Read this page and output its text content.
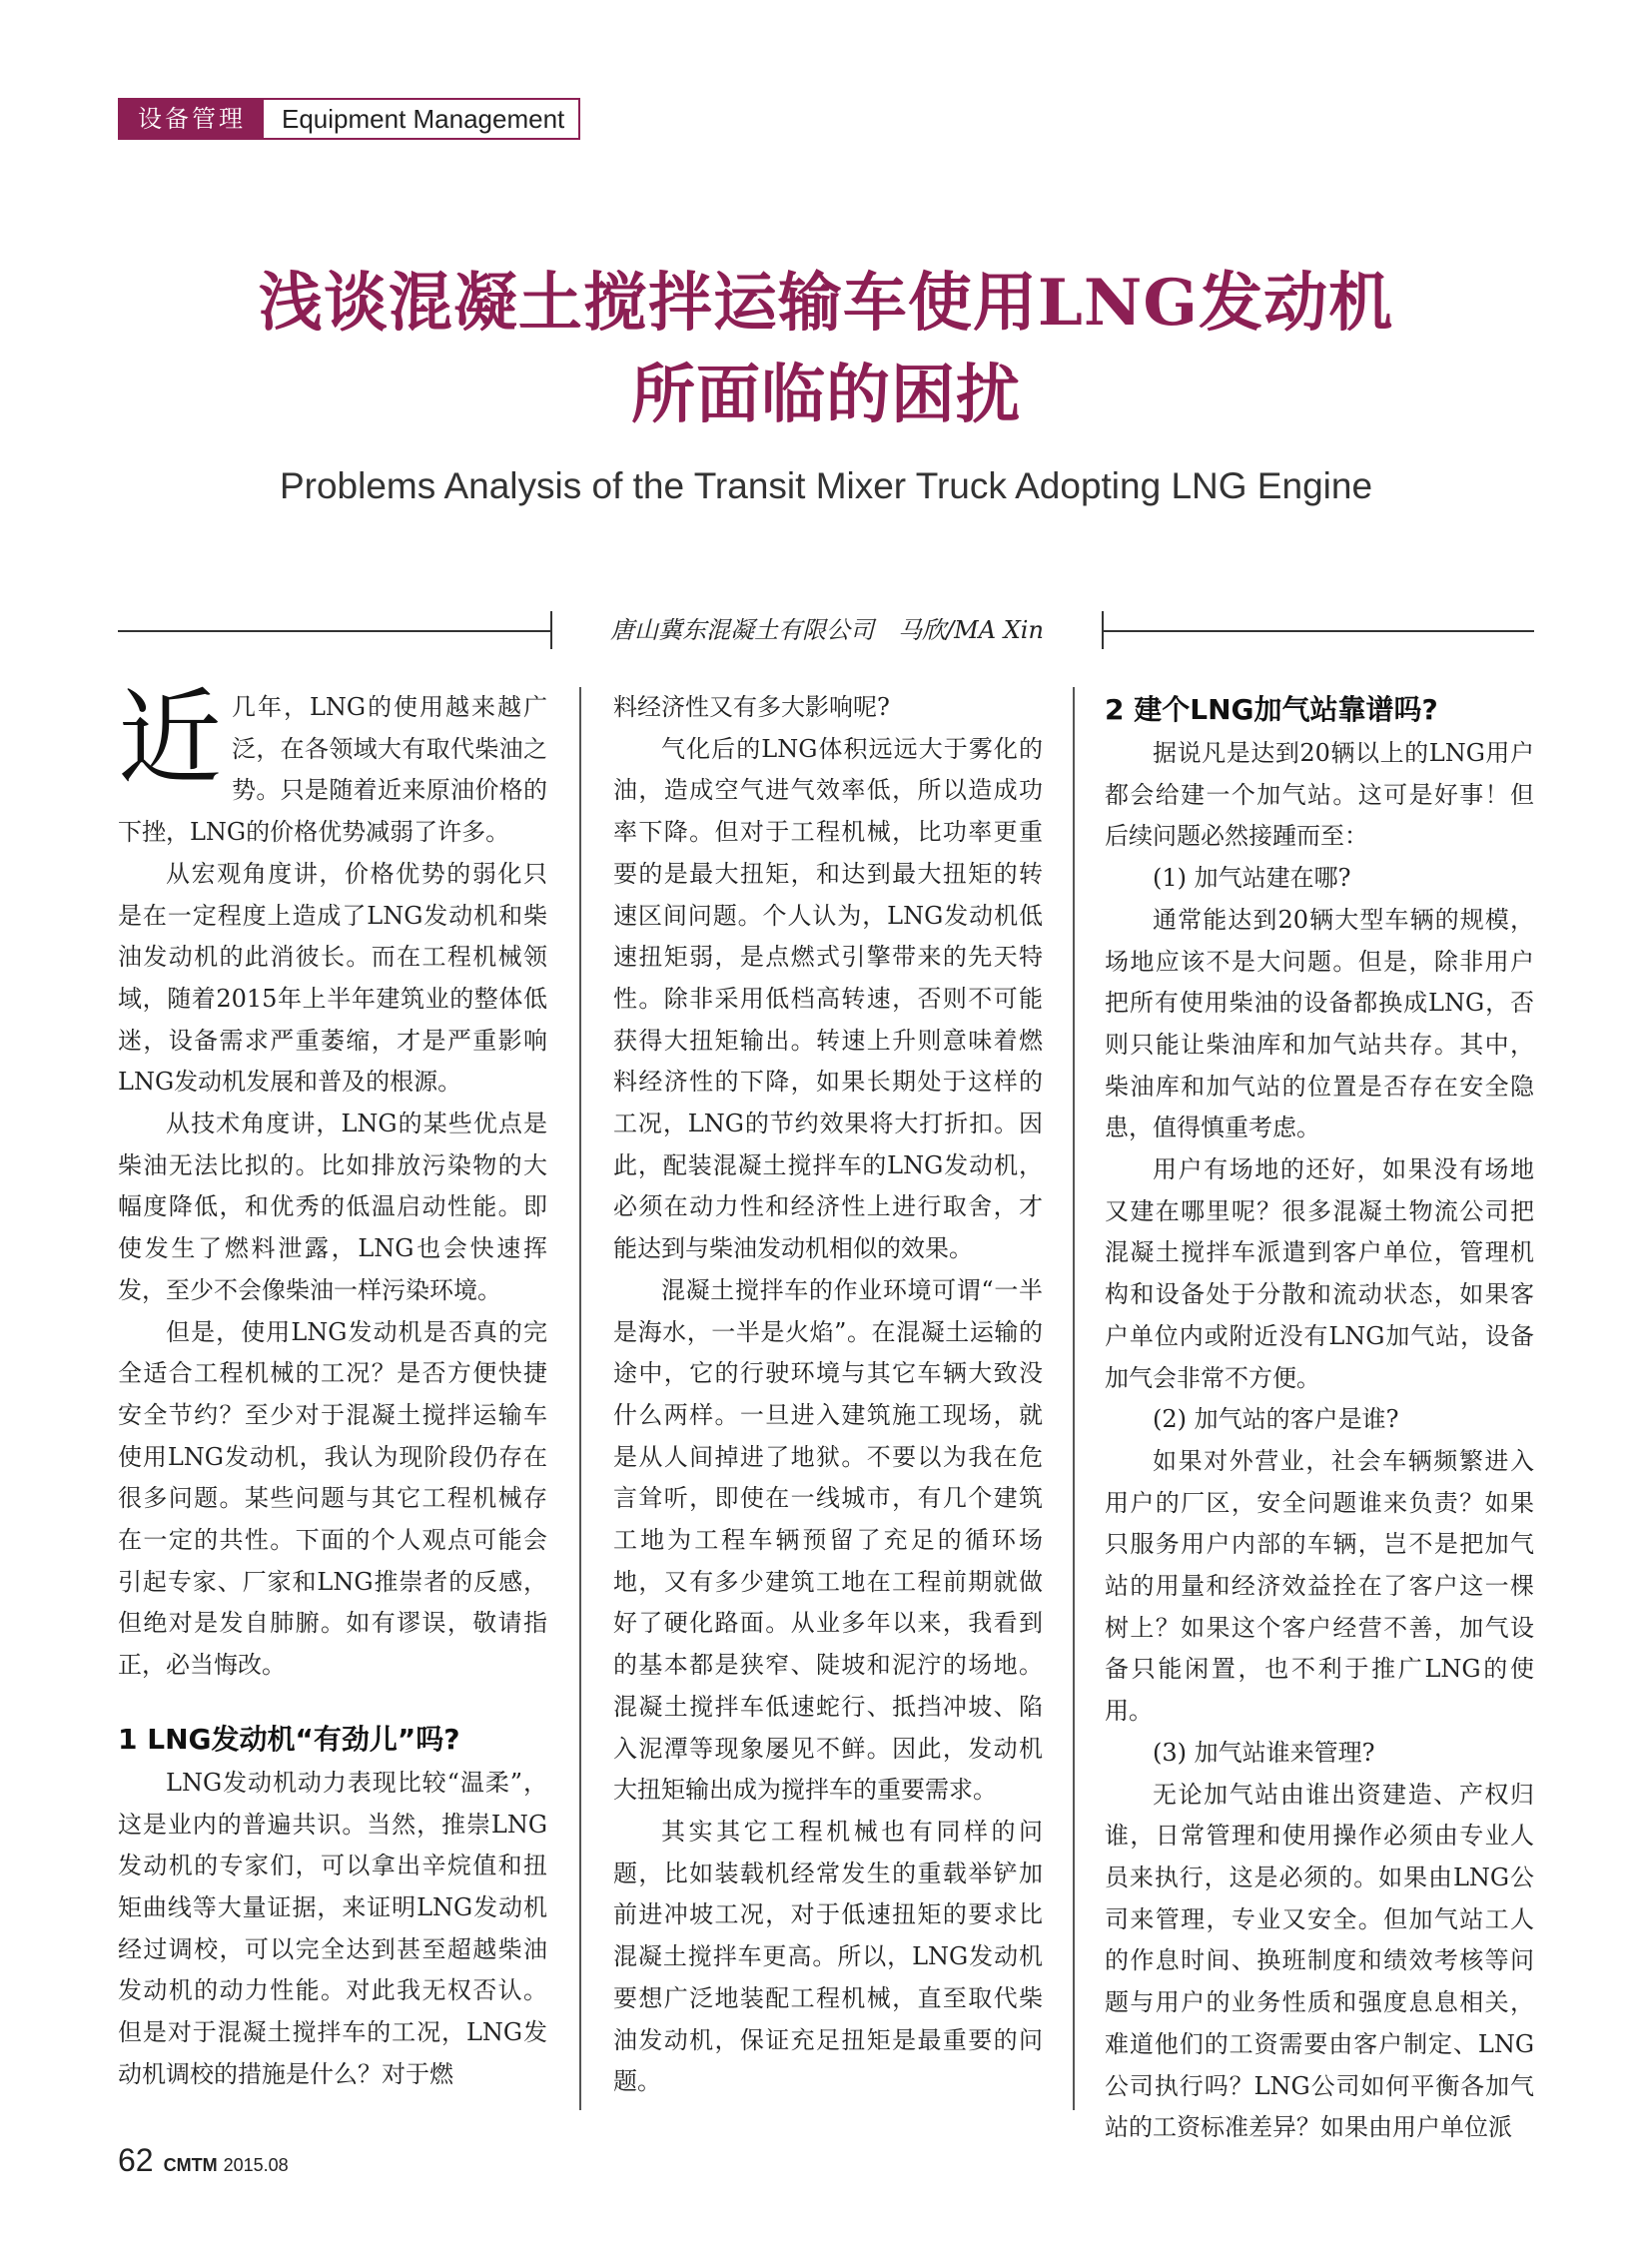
设备管理	Equipment Management
浅谈混凝土搅拌运输车使用LNG发动机
所面临的困扰
Problems Analysis of the Transit Mixer Truck Adopting LNG Engine
唐山冀东混凝土有限公司　马欣/MA Xin

近几年，LNG的使用越来越广泛，在各领域大有取代柴油之势。只是随着近来原油价格的下挫，LNG的价格优势减弱了许多。

从宏观角度讲，价格优势的弱化只是在一定程度上造成了LNG发动机和柴油发动机的此消彼长。而在工程机械领域，随着2015年上半年建筑业的整体低迷，设备需求严重萎缩，才是严重影响LNG发动机发展和普及的根源。

从技术角度讲，LNG的某些优点是柴油无法比拟的。比如排放污染物的大幅度降低，和优秀的低温启动性能。即使发生了燃料泄露，LNG也会快速挥发，至少不会像柴油一样污染环境。

但是，使用LNG发动机是否真的完全适合工程机械的工况？是否方便快捷安全节约？至少对于混凝土搅拌运输车使用LNG发动机，我认为现阶段仍存在很多问题。某些问题与其它工程机械存在一定的共性。下面的个人观点可能会引起专家、厂家和LNG推崇者的反感，但绝对是发自肺腑。如有谬误，敬请指正，必当悔改。

1 LNG发动机“有劲儿”吗?

LNG发动机动力表现比较“温柔”，这是业内的普遍共识。当然，推崇LNG发动机的专家们，可以拿出辛烷值和扭矩曲线等大量证据，来证明LNG发动机经过调校，可以完全达到甚至超越柴油发动机的动力性能。对此我无权否认。但是对于混凝土搅拌车的工况，LNG发动机调校的措施是什么？对于燃

料经济性又有多大影响呢?

气化后的LNG体积远远大于雾化的油，造成空气进气效率低，所以造成功率下降。但对于工程机械，比功率更重要的是最大扭矩，和达到最大扭矩的转速区间问题。个人认为，LNG发动机低速扭矩弱，是点燃式引擎带来的先天特性。除非采用低档高转速，否则不可能获得大扭矩输出。转速上升则意味着燃料经济性的下降，如果长期处于这样的工况，LNG的节约效果将大打折扣。因此，配装混凝土搅拌车的LNG发动机，必须在动力性和经济性上进行取舍，才能达到与柴油发动机相似的效果。

混凝土搅拌车的作业环境可谓“一半是海水，一半是火焰”。在混凝土运输的途中，它的行驶环境与其它车辆大致没什么两样。一旦进入建筑施工现场，就是从人间掉进了地狱。不要以为我在危言耸听，即使在一线城市，有几个建筑工地为工程车辆预留了充足的循环场地，又有多少建筑工地在工程前期就做好了硬化路面。从业多年以来，我看到的基本都是狭窄、陡坡和泥泞的场地。混凝土搅拌车低速蛇行、抵挡冲坡、陷入泥潭等现象屡见不鲜。因此，发动机大扭矩输出成为搅拌车的重要需求。

其实其它工程机械也有同样的问题，比如装载机经常发生的重载举铲加前进冲坡工况，对于低速扭矩的要求比混凝土搅拌车更高。所以，LNG发动机要想广泛地装配工程机械，直至取代柴油发动机，保证充足扭矩是最重要的问题。

2 建个LNG加气站靠谱吗?

据说凡是达到20辆以上的LNG用户都会给建一个加气站。这可是好事！但后续问题必然接踵而至：

(1) 加气站建在哪?

通常能达到20辆大型车辆的规模，场地应该不是大问题。但是，除非用户把所有使用柴油的设备都换成LNG，否则只能让柴油库和加气站共存。其中，柴油库和加气站的位置是否存在安全隐患，值得慎重考虑。

用户有场地的还好，如果没有场地又建在哪里呢？很多混凝土物流公司把混凝土搅拌车派遣到客户单位，管理机构和设备处于分散和流动状态，如果客户单位内或附近没有LNG加气站，设备加气会非常不方便。

(2) 加气站的客户是谁?

如果对外营业，社会车辆频繁进入用户的厂区，安全问题谁来负责？如果只服务用户内部的车辆，岂不是把加气站的用量和经济效益拴在了客户这一棵树上？如果这个客户经营不善，加气设备只能闲置，也不利于推广LNG的使用。

(3) 加气站谁来管理?

无论加气站由谁出资建造、产权归谁，日常管理和使用操作必须由专业人员来执行，这是必须的。如果由LNG公司来管理，专业又安全。但加气站工人的作息时间、换班制度和绩效考核等问题与用户的业务性质和强度息息相关，难道他们的工资需要由客户制定、LNG公司执行吗？LNG公司如何平衡各加气站的工资标准差异？如果由用户单位派

62 CMTM 2015.08
